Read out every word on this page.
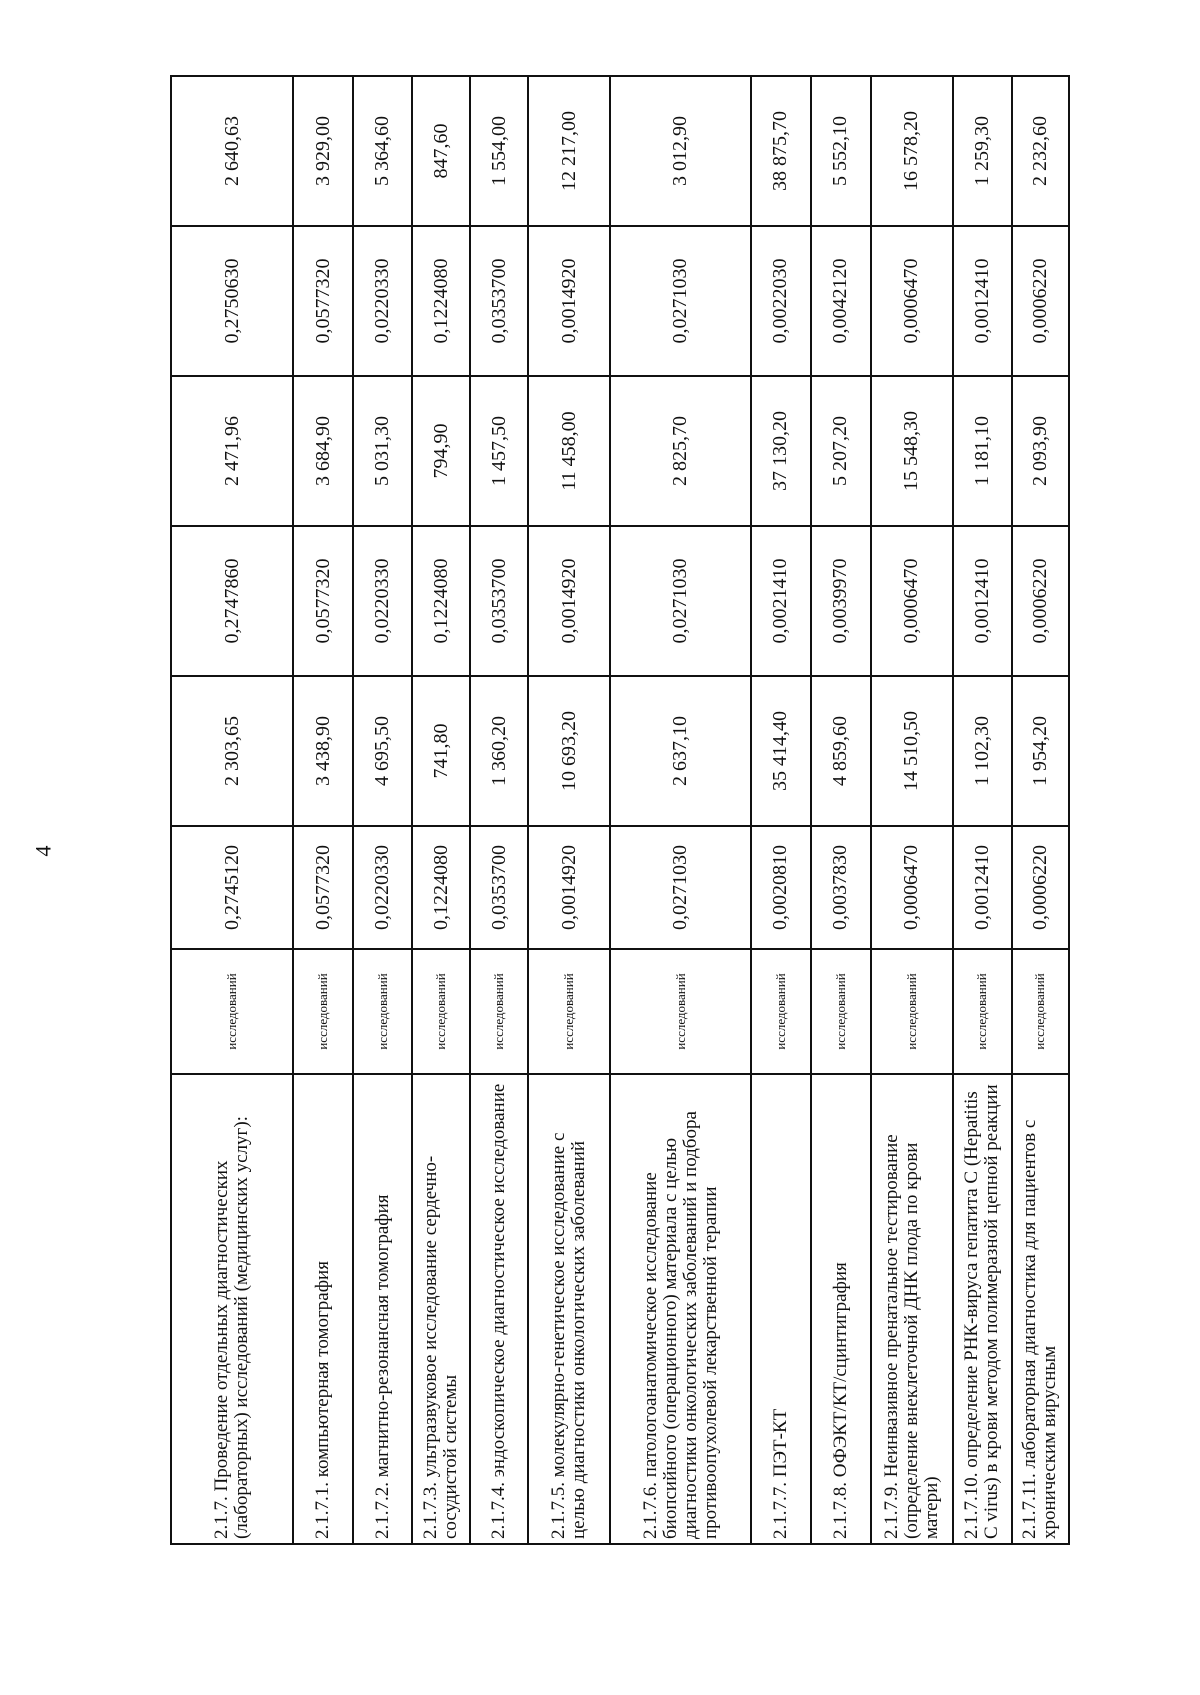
4
2.1.7. Проведение отдельных диагностических (лабораторных) исследований (медицинских услуг):	исследований	0,2745120	2 303,65	0,2747860	2 471,96	0,2750630	2 640,63
2.1.7.1. компьютерная томография	исследований	0,0577320	3 438,90	0,0577320	3 684,90	0,0577320	3 929,00
2.1.7.2. магнитно-резонансная томография	исследований	0,0220330	4 695,50	0,0220330	5 031,30	0,0220330	5 364,60
2.1.7.3. ультразвуковое исследование сердечно-сосудистой системы	исследований	0,1224080	741,80	0,1224080	794,90	0,1224080	847,60
2.1.7.4. эндоскопическое диагностическое исследование	исследований	0,0353700	1 360,20	0,0353700	1 457,50	0,0353700	1 554,00
2.1.7.5. молекулярно-генетическое исследование с целью диагностики онкологических заболеваний	исследований	0,0014920	10 693,20	0,0014920	11 458,00	0,0014920	12 217,00
2.1.7.6. патологоанатомическое исследование биопсийного (операционного) материала с целью диагностики онкологических заболеваний и подбора противоопухолевой лекарственной терапии	исследований	0,0271030	2 637,10	0,0271030	2 825,70	0,0271030	3 012,90
2.1.7.7. ПЭТ-КТ	исследований	0,0020810	35 414,40	0,0021410	37 130,20	0,0022030	38 875,70
2.1.7.8. ОФЭКТ/КТ/сцинтиграфия	исследований	0,0037830	4 859,60	0,0039970	5 207,20	0,0042120	5 552,10
2.1.7.9. Неинвазивное пренатальное тестирование (определение внеклеточной ДНК плода по крови матери)	исследований	0,0006470	14 510,50	0,0006470	15 548,30	0,0006470	16 578,20
2.1.7.10. определение РНК-вируса гепатита С (Hepatitis C virus) в крови методом полимеразной цепной реакции	исследований	0,0012410	1 102,30	0,0012410	1 181,10	0,0012410	1 259,30
2.1.7.11. лабораторная диагностика для пациентов с хроническим вирусным	исследований	0,0006220	1 954,20	0,0006220	2 093,90	0,0006220	2 232,60
